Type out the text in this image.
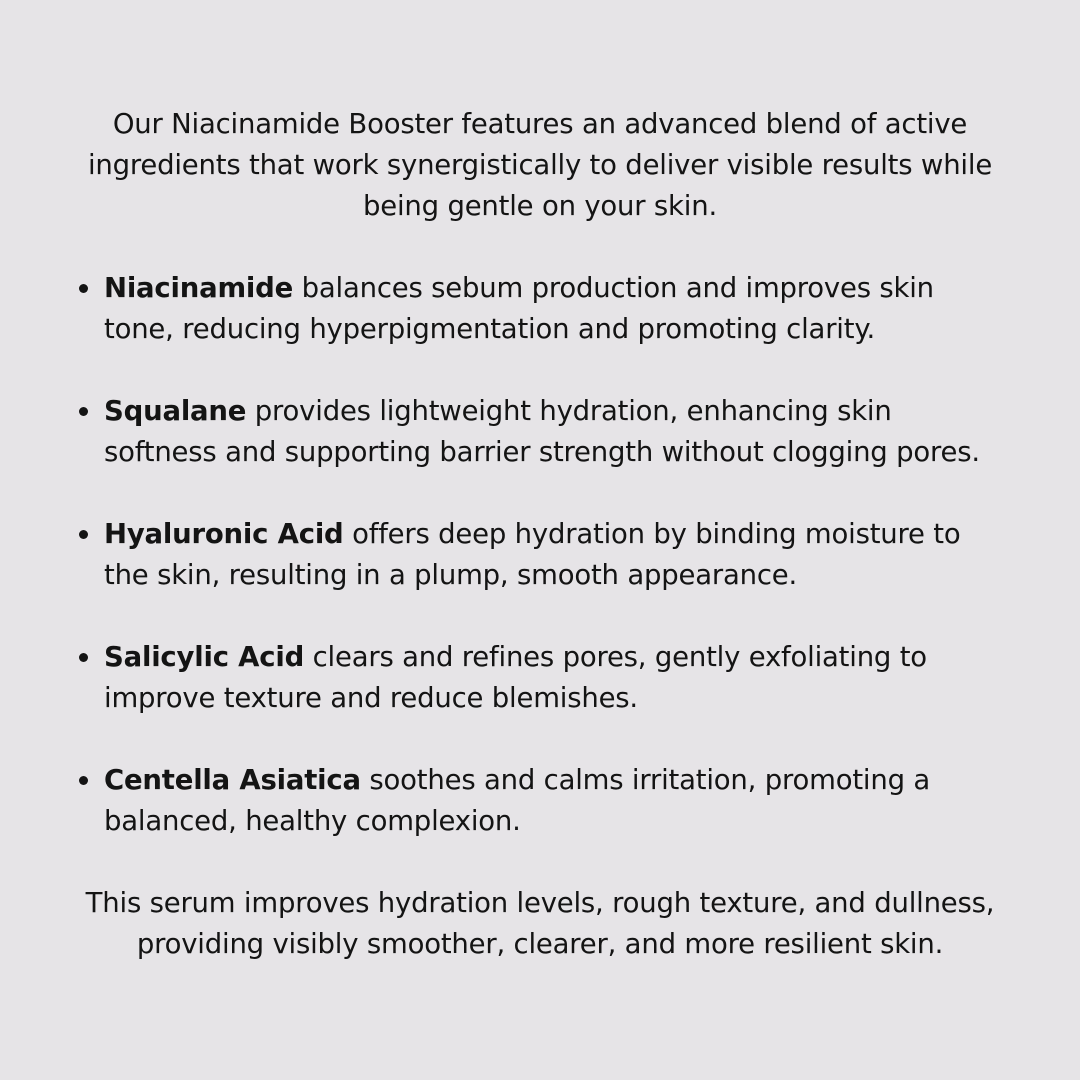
Our Niacinamide Booster features an advanced blend of active ingredients that work synergistically to deliver visible results while being gentle on your skin.

Niacinamide balances sebum production and improves skin tone, reducing hyperpigmentation and promoting clarity.
Squalane provides lightweight hydration, enhancing skin softness and supporting barrier strength without clogging pores.
Hyaluronic Acid offers deep hydration by binding moisture to the skin, resulting in a plump, smooth appearance.
Salicylic Acid clears and refines pores, gently exfoliating to improve texture and reduce blemishes.
Centella Asiatica soothes and calms irritation, promoting a balanced, healthy complexion.

This serum improves hydration levels, rough texture, and dullness, providing visibly smoother, clearer, and more resilient skin.
